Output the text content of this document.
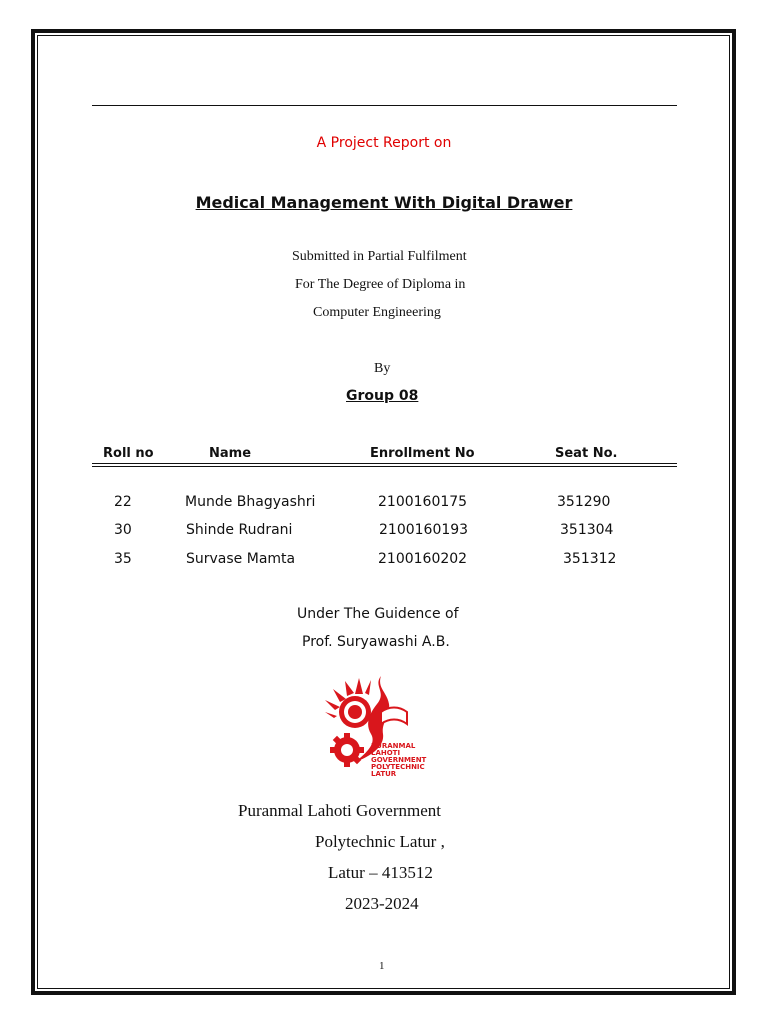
A Project Report on
Medical Management With Digital Drawer
Submitted in Partial Fulfilment
For The Degree of Diploma in
Computer Engineering
By
Group 08
Roll no	Name	Enrollment No	Seat No.
22	Munde Bhagyashri	2100160175	351290
30	Shinde Rudrani	2100160193	351304
35	Survase Mamta	2100160202	351312
Under The Guidence of
Prof. Suryawashi A.B.
PURANMAL
LAHOTI
GOVERNMENT
POLYTECHNIC
LATUR
Puranmal Lahoti Government
Polytechnic Latur ,
Latur – 413512
2023-2024
1
